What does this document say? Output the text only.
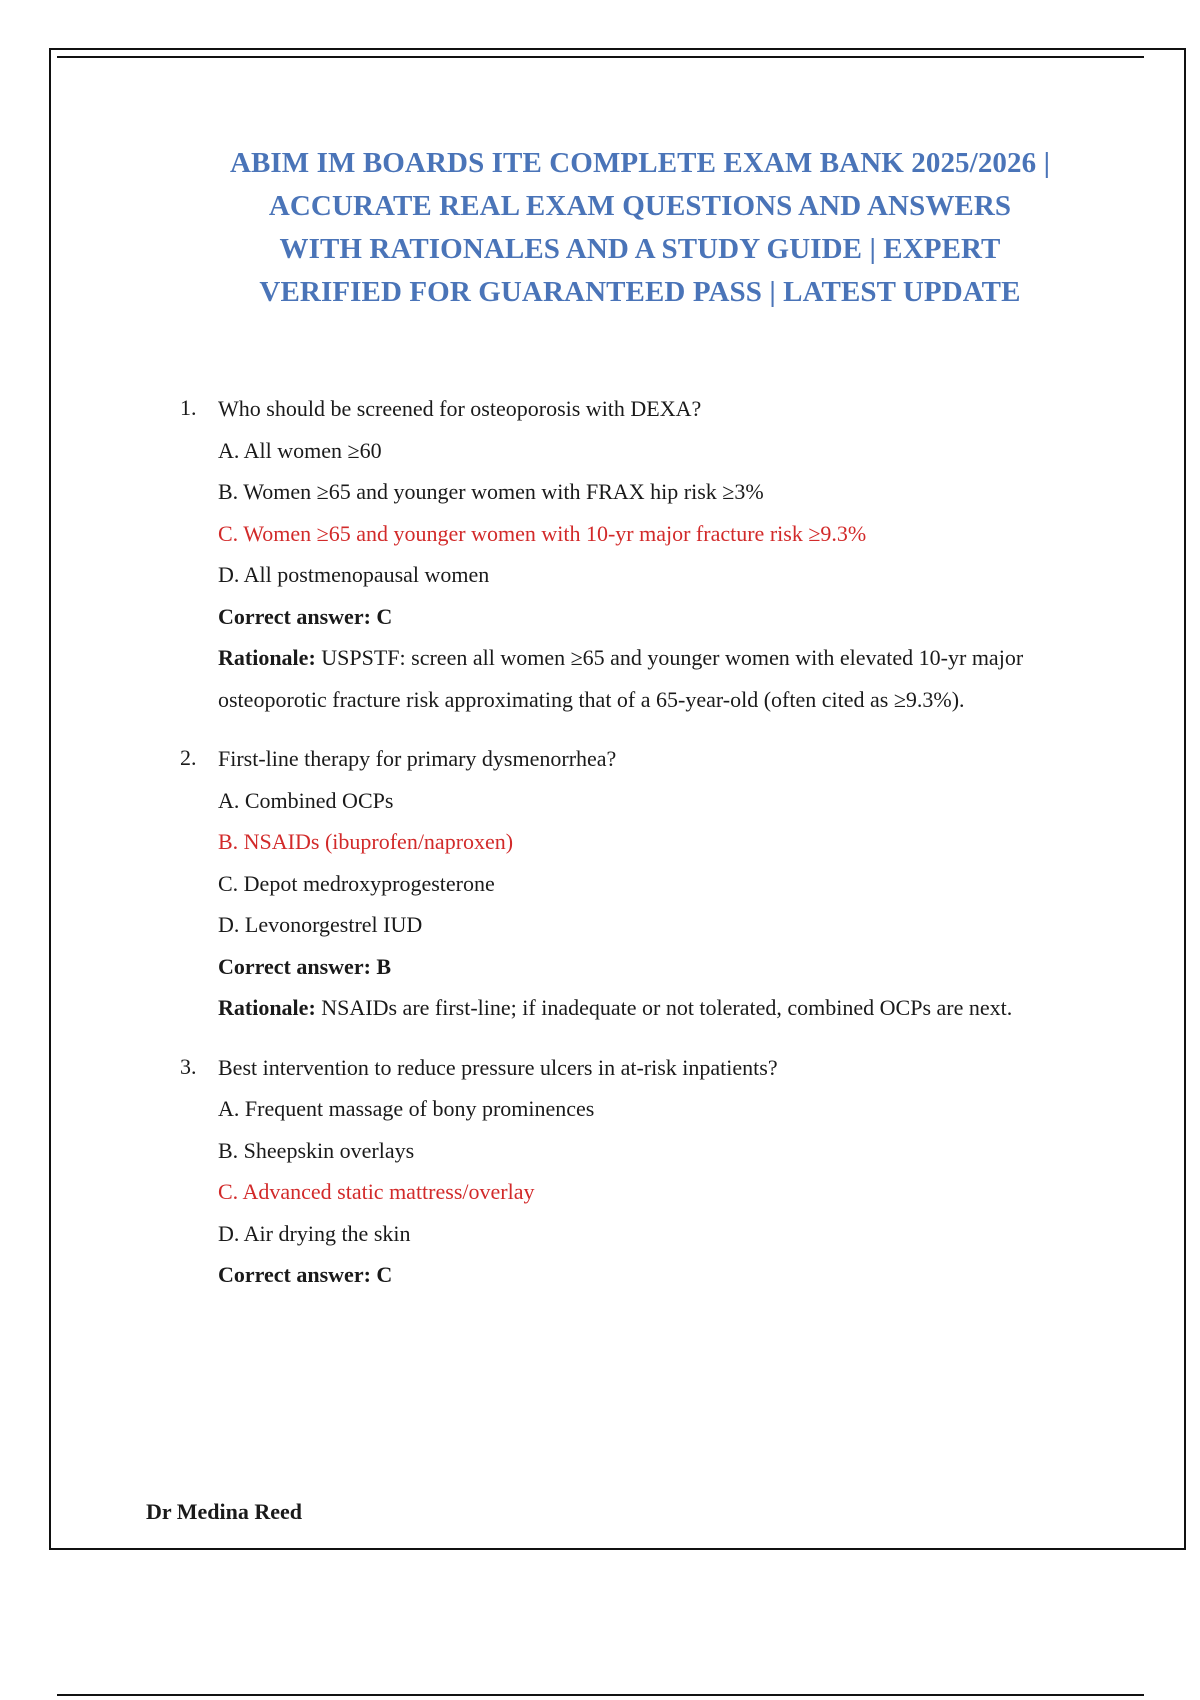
ABIM IM BOARDS ITE COMPLETE EXAM BANK 2025/2026 |
ACCURATE REAL EXAM QUESTIONS AND ANSWERS
WITH RATIONALES AND A STUDY GUIDE | EXPERT
VERIFIED FOR GUARANTEED PASS | LATEST UPDATE
1. Who should be screened for osteoporosis with DEXA?

A. All women ≥60

B. Women ≥65 and younger women with FRAX hip risk ≥3%

C. Women ≥65 and younger women with 10-yr major fracture risk ≥9.3%

D. All postmenopausal women

Correct answer: C

Rationale: USPSTF: screen all women ≥65 and younger women with elevated 10-yr major osteoporotic fracture risk approximating that of a 65-year-old (often cited as ≥9.3%).

2. First-line therapy for primary dysmenorrhea?

A. Combined OCPs

B. NSAIDs (ibuprofen/naproxen)

C. Depot medroxyprogesterone

D. Levonorgestrel IUD

Correct answer: B

Rationale: NSAIDs are first-line; if inadequate or not tolerated, combined OCPs are next.

3. Best intervention to reduce pressure ulcers in at-risk inpatients?

A. Frequent massage of bony prominences

B. Sheepskin overlays

C. Advanced static mattress/overlay

D. Air drying the skin

Correct answer: C

Dr Medina Reed
